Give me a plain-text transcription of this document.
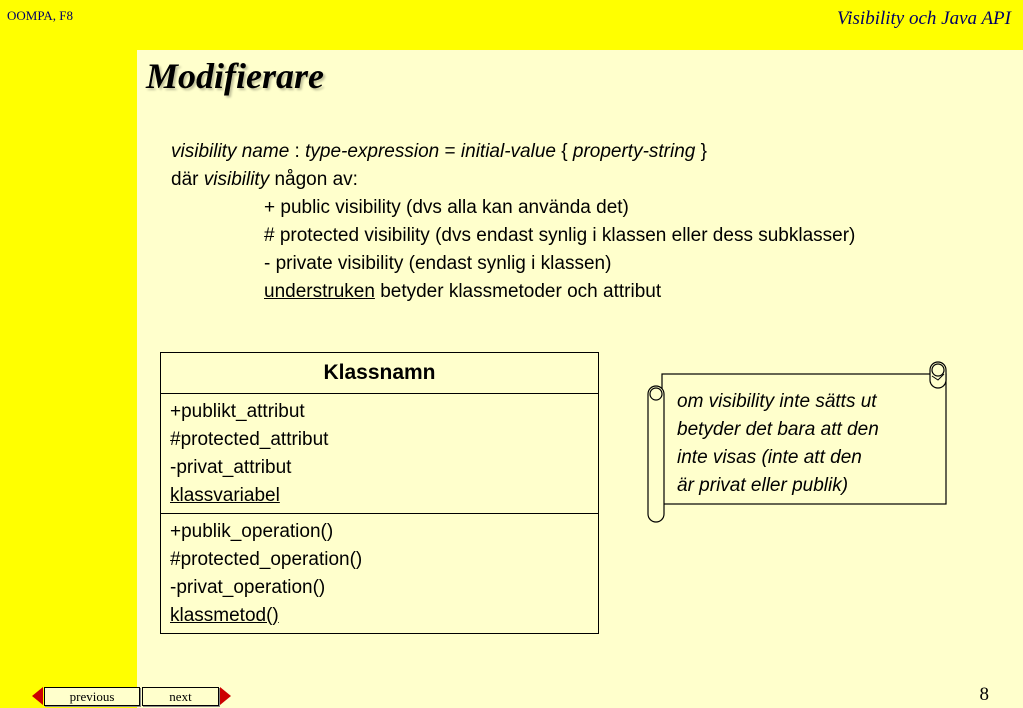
OOMPA, F8	Visibility och Java API
Modifierare
visibility name : type-expression = initial-value { property-string }
där visibility någon av:
+ public visibility (dvs alla kan använda det)
# protected visibility (dvs endast synlig i klassen eller dess subklasser)
- private visibility (endast synlig i klassen)
understruken betyder klassmetoder och attribut
Klassnamn
+publikt_attribut
#protected_attribut
-privat_attribut
klassvariabel
+publik_operation()
#protected_operation()
-privat_operation()
klassmetod()
om visibility inte sätts ut
betyder det bara att den
inte visas (inte att den
är privat eller publik)
previous	next	8
